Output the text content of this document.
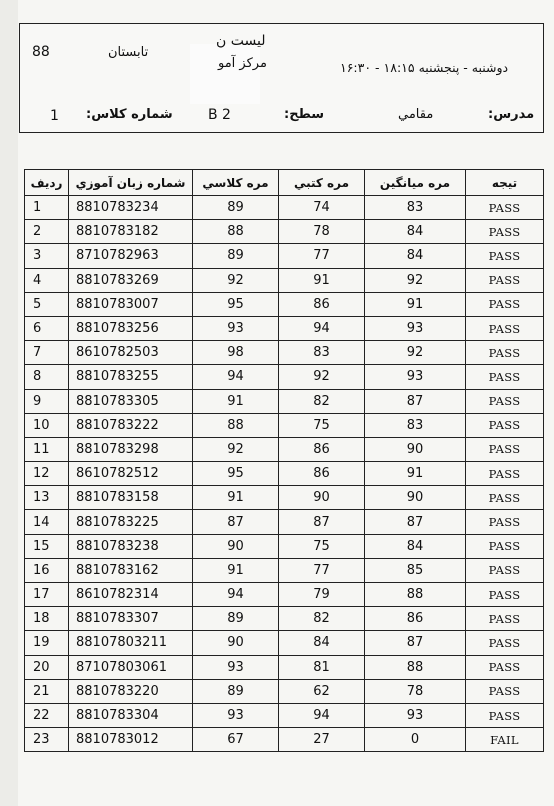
88	تابستان
لیست ن
مرکز آمو	دوشنبه - پنجشنبه ۱۸:۱۵ - ۱۶:۳۰
1 شماره کلاس:	B 2	سطح:	مقامي	مدرس:
رديف	شماره زبان آموزي	مره کلاسي	مره کتبي	مره ميانگين	تيجه
1	8810783234	89	74	83	PASS
2	8810783182	88	78	84	PASS
3	8710782963	89	77	84	PASS
4	8810783269	92	91	92	PASS
5	8810783007	95	86	91	PASS
6	8810783256	93	94	93	PASS
7	8610782503	98	83	92	PASS
8	8810783255	94	92	93	PASS
9	8810783305	91	82	87	PASS
10	8810783222	88	75	83	PASS
11	8810783298	92	86	90	PASS
12	8610782512	95	86	91	PASS
13	8810783158	91	90	90	PASS
14	8810783225	87	87	87	PASS
15	8810783238	90	75	84	PASS
16	8810783162	91	77	85	PASS
17	8610782314	94	79	88	PASS
18	8810783307	89	82	86	PASS
19	88107803211	90	84	87	PASS
20	87107803061	93	81	88	PASS
21	8810783220	89	62	78	PASS
22	8810783304	93	94	93	PASS
23	8810783012	67	27	0	FAIL
